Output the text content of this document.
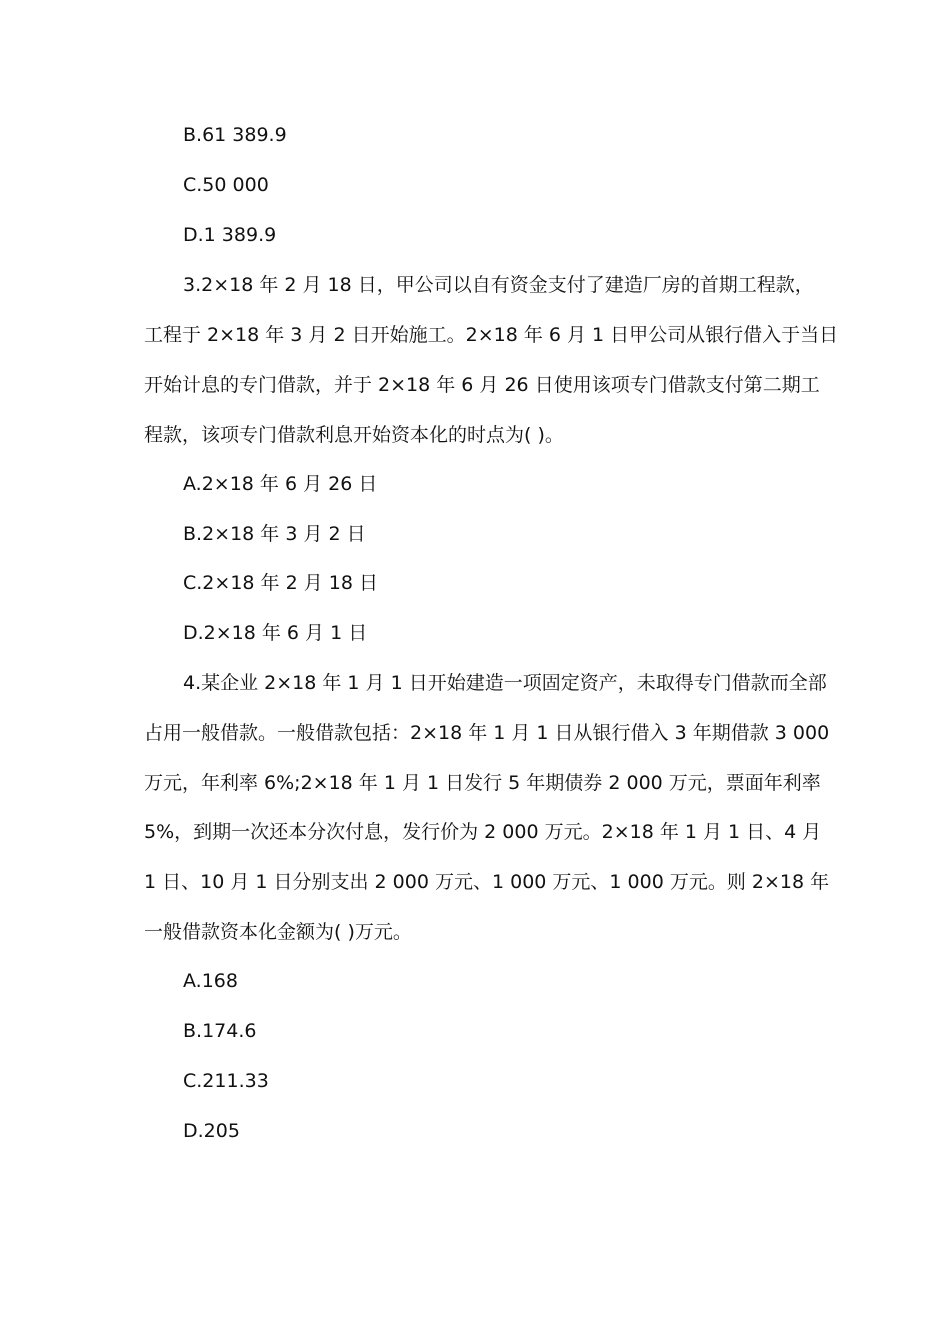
B.61 389.9
C.50 000
D.1 389.9
3.2×18 年 2 月 18 日，甲公司以自有资金支付了建造厂房的首期工程款，
工程于 2×18 年 3 月 2 日开始施工。2×18 年 6 月 1 日甲公司从银行借入于当日
开始计息的专门借款，并于 2×18 年 6 月 26 日使用该项专门借款支付第二期工
程款，该项专门借款利息开始资本化的时点为( )。
A.2×18 年 6 月 26 日
B.2×18 年 3 月 2 日
C.2×18 年 2 月 18 日
D.2×18 年 6 月 1 日
4.某企业 2×18 年 1 月 1 日开始建造一项固定资产，未取得专门借款而全部
占用一般借款。一般借款包括：2×18 年 1 月 1 日从银行借入 3 年期借款 3 000
万元，年利率 6%;2×18 年 1 月 1 日发行 5 年期债券 2 000 万元，票面年利率
5%，到期一次还本分次付息，发行价为 2 000 万元。2×18 年 1 月 1 日、4 月
1 日、10 月 1 日分别支出 2 000 万元、1 000 万元、1 000 万元。则 2×18 年
一般借款资本化金额为( )万元。
A.168
B.174.6
C.211.33
D.205
